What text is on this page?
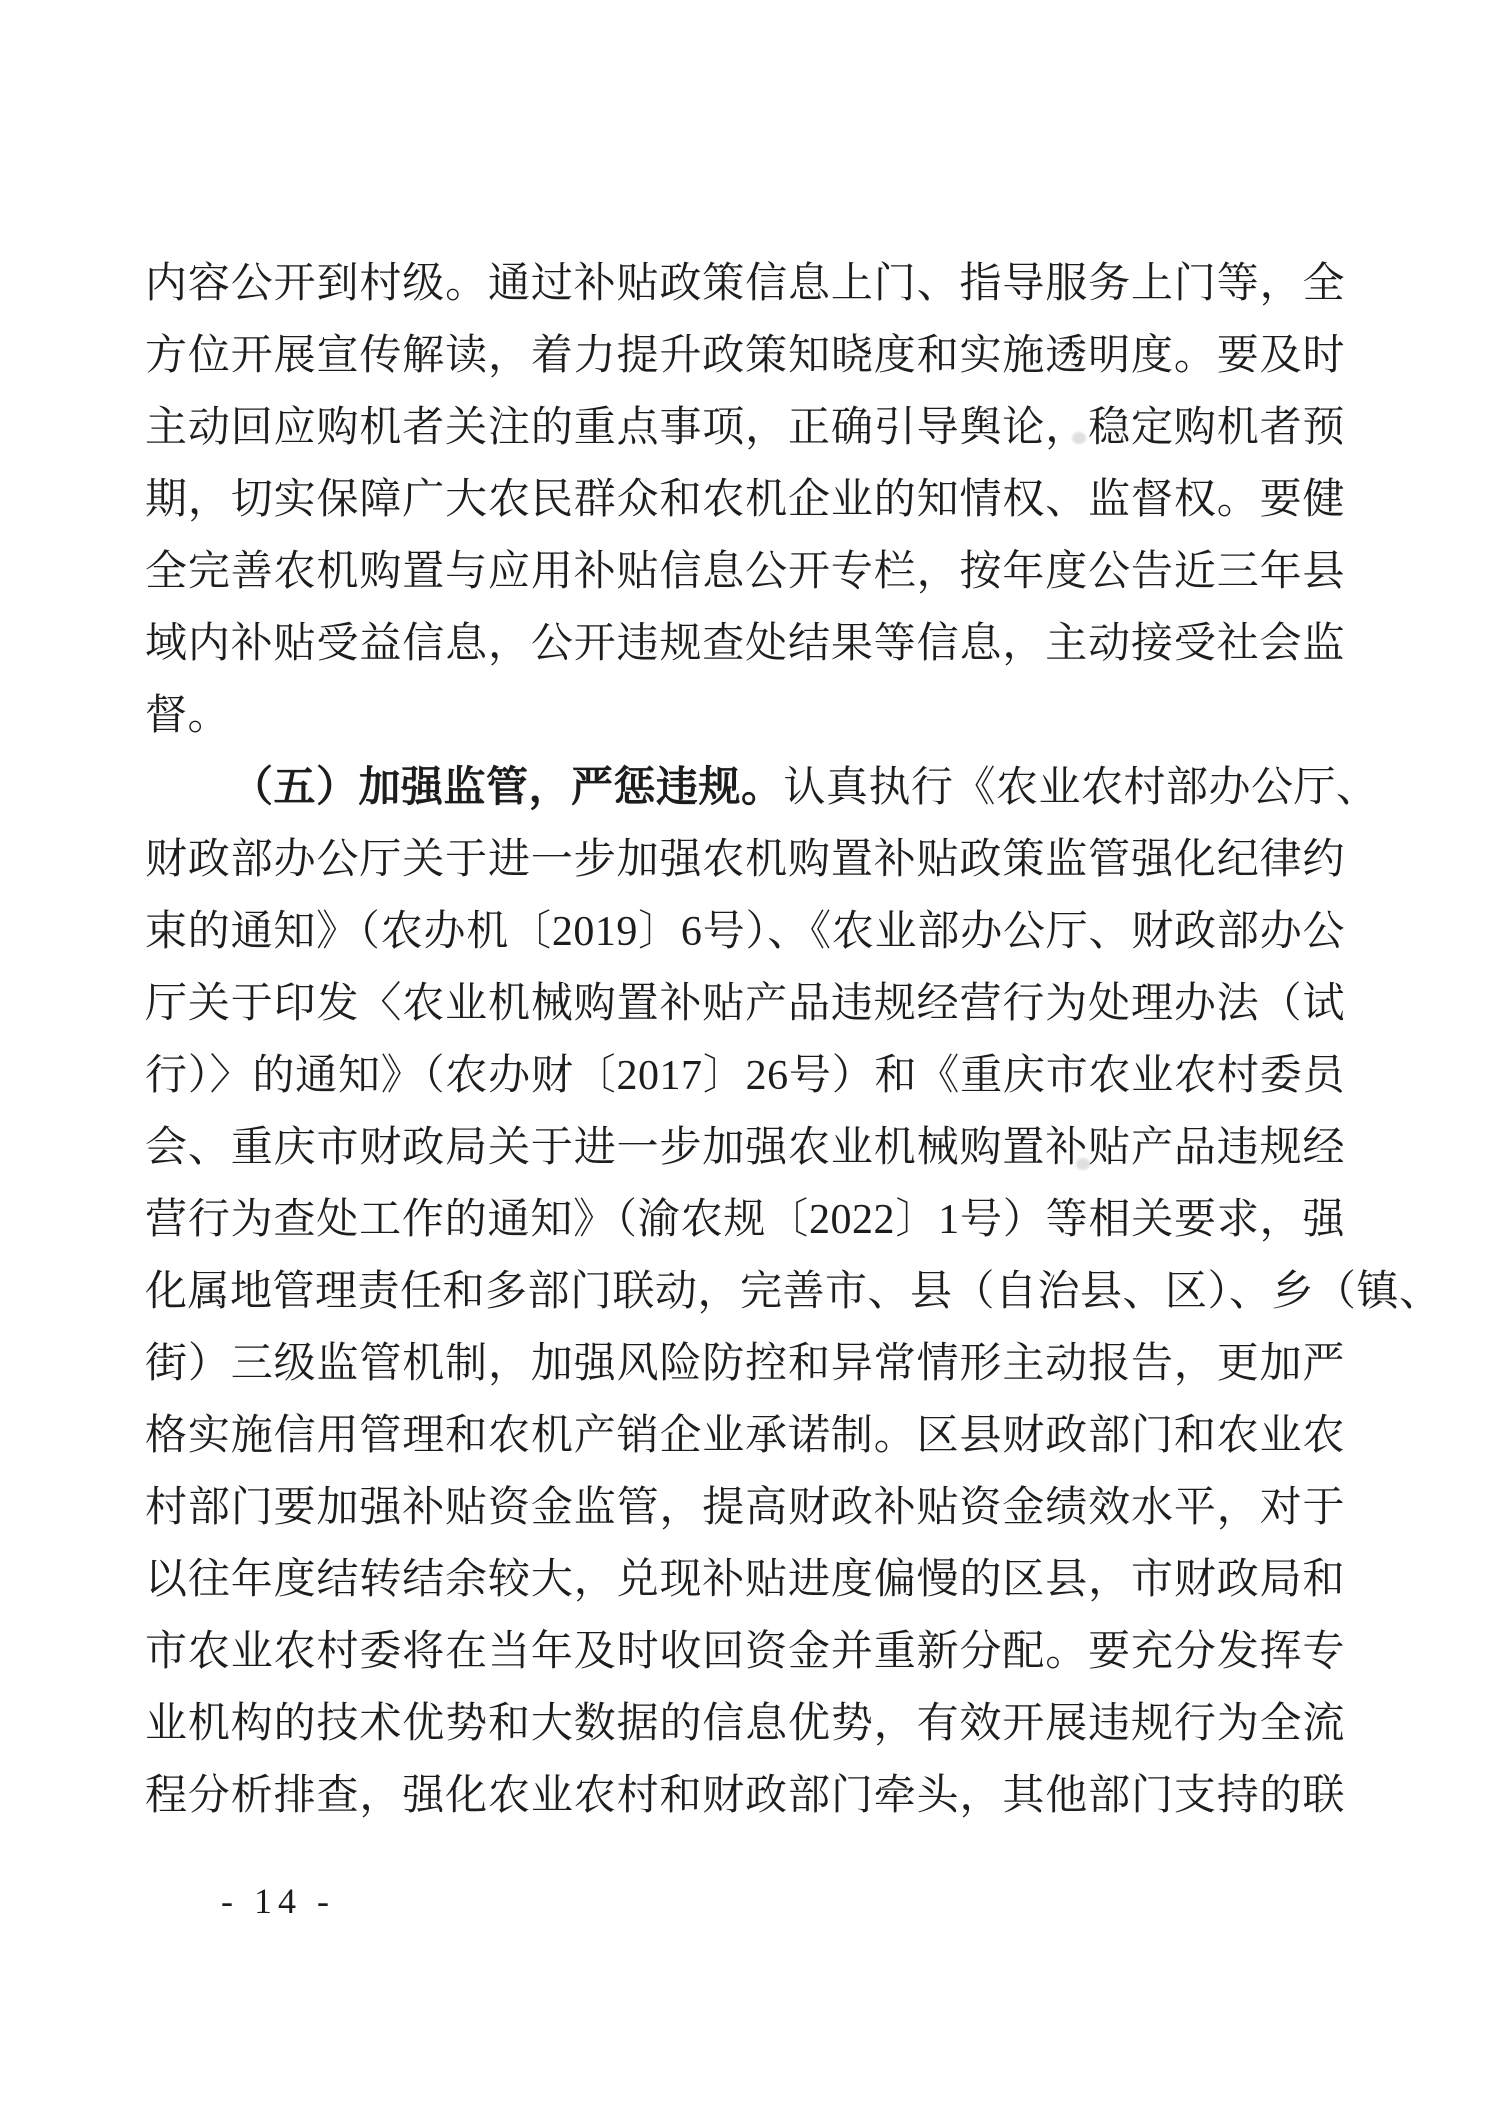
内容公开到村级。通过补贴政策信息上门、指导服务上门等，全
方位开展宣传解读，着力提升政策知晓度和实施透明度。要及时
主动回应购机者关注的重点事项，正确引导舆论，稳定购机者预
期，切实保障广大农民群众和农机企业的知情权、监督权。要健
全完善农机购置与应用补贴信息公开专栏，按年度公告近三年县
域内补贴受益信息，公开违规查处结果等信息，主动接受社会监
督。
（五）加强监管，严惩违规。认真执行《农业农村部办公厅、
财政部办公厅关于进一步加强农机购置补贴政策监管强化纪律约
束的通知》（农办机〔2019〕6号）、《农业部办公厅、财政部办公
厅关于印发〈农业机械购置补贴产品违规经营行为处理办法（试
行）〉的通知》（农办财〔2017〕26号）和《重庆市农业农村委员
会、重庆市财政局关于进一步加强农业机械购置补贴产品违规经
营行为查处工作的通知》（渝农规〔2022〕1号）等相关要求，强
化属地管理责任和多部门联动，完善市、县（自治县、区）、乡（镇、
街）三级监管机制，加强风险防控和异常情形主动报告，更加严
格实施信用管理和农机产销企业承诺制。区县财政部门和农业农
村部门要加强补贴资金监管，提高财政补贴资金绩效水平，对于
以往年度结转结余较大，兑现补贴进度偏慢的区县，市财政局和
市农业农村委将在当年及时收回资金并重新分配。要充分发挥专
业机构的技术优势和大数据的信息优势，有效开展违规行为全流
程分析排查，强化农业农村和财政部门牵头，其他部门支持的联
- 14 -
